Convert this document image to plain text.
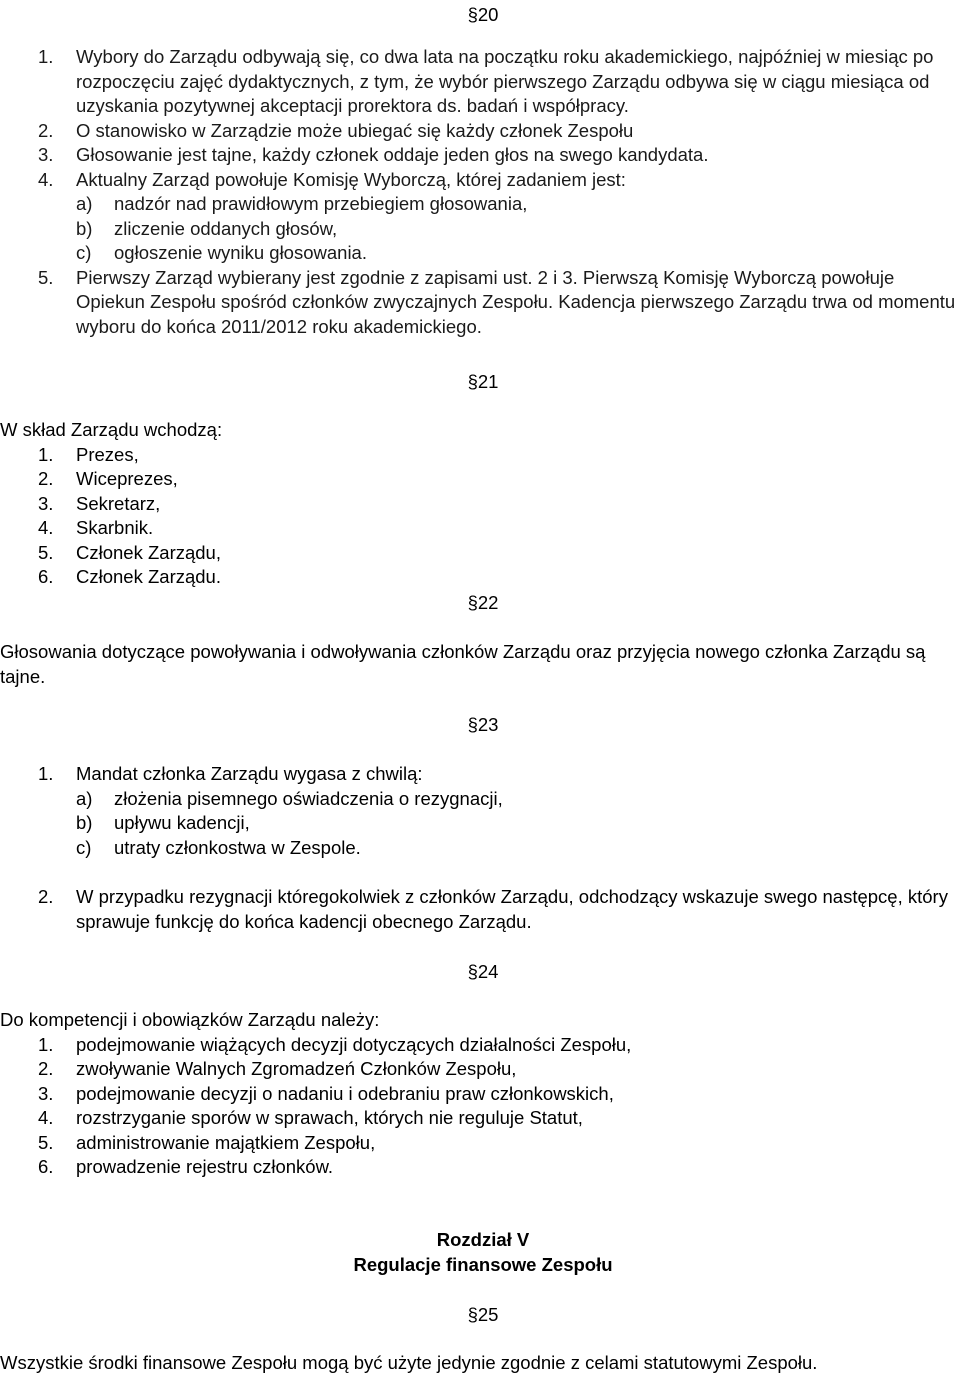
§20
1. Wybory do Zarządu odbywają się, co dwa lata na początku roku akademickiego, najpóźniej w miesiąc po rozpoczęciu zajęć dydaktycznych, z tym, że wybór pierwszego Zarządu odbywa się w ciągu miesiąca od uzyskania pozytywnej akceptacji prorektora ds. badań i współpracy.
2. O stanowisko w Zarządzie może ubiegać się każdy członek Zespołu
3. Głosowanie jest tajne, każdy członek oddaje jeden głos na swego kandydata.
4. Aktualny Zarząd powołuje Komisję Wyborczą, której zadaniem jest:
a) nadzór nad prawidłowym przebiegiem głosowania,
b) zliczenie oddanych głosów,
c) ogłoszenie wyniku głosowania.
5. Pierwszy Zarząd wybierany jest zgodnie z zapisami ust. 2 i 3. Pierwszą Komisję Wyborczą powołuje Opiekun Zespołu spośród członków zwyczajnych Zespołu. Kadencja pierwszego Zarządu trwa od momentu wyboru do końca 2011/2012 roku akademickiego.
§21
W skład Zarządu wchodzą:
1. Prezes,
2. Wiceprezes,
3. Sekretarz,
4. Skarbnik.
5. Członek Zarządu,
6. Członek Zarządu.
§22
Głosowania dotyczące powoływania i odwoływania członków Zarządu oraz przyjęcia nowego członka Zarządu są tajne.
§23
1. Mandat członka Zarządu wygasa z chwilą:
a) złożenia pisemnego oświadczenia o rezygnacji,
b) upływu kadencji,
c) utraty członkostwa w Zespole.
2. W przypadku rezygnacji któregokolwiek z członków Zarządu, odchodzący wskazuje swego następcę, który sprawuje funkcję do końca kadencji obecnego Zarządu.
§24
Do kompetencji i obowiązków Zarządu należy:
1. podejmowanie wiążących decyzji dotyczących działalności Zespołu,
2. zwoływanie Walnych Zgromadzeń Członków Zespołu,
3. podejmowanie decyzji o nadaniu i odebraniu praw członkowskich,
4. rozstrzyganie sporów w sprawach, których nie reguluje Statut,
5. administrowanie majątkiem Zespołu,
6. prowadzenie rejestru członków.
Rozdział V
Regulacje finansowe Zespołu
§25
Wszystkie środki finansowe Zespołu mogą być użyte jedynie zgodnie z celami statutowymi Zespołu.
